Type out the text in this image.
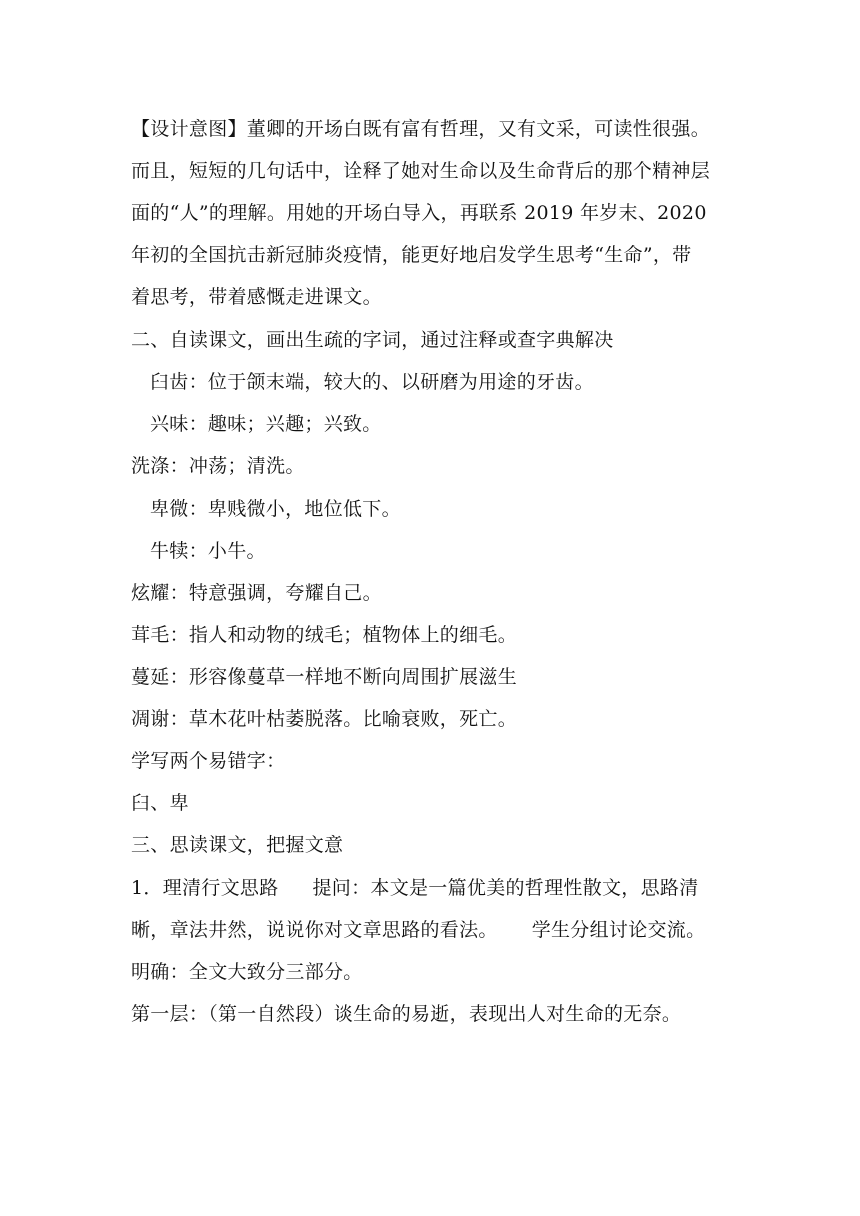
【设计意图】董卿的开场白既有富有哲理，又有文采，可读性很强。
而且，短短的几句话中，诠释了她对生命以及生命背后的那个精神层
面的“人”的理解。用她的开场白导入，再联系 2019 年岁末、2020
年初的全国抗击新冠肺炎疫情，能更好地启发学生思考“生命”，带
着思考，带着感慨走进课文。
二、自读课文，画出生疏的字词，通过注释或查字典解决
臼齿：位于颌末端，较大的、以研磨为用途的牙齿。
兴味：趣味；兴趣；兴致。
洗涤：冲荡；清洗。
卑微：卑贱微小，地位低下。
牛犊：小牛。
炫耀：特意强调，夸耀自己。
茸毛：指人和动物的绒毛；植物体上的细毛。
蔓延：形容像蔓草一样地不断向周围扩展滋生
凋谢：草木花叶枯萎脱落。比喻衰败，死亡。
学写两个易错字：
臼、卑
三、思读课文，把握文意
1．理清行文思路 提问：本文是一篇优美的哲理性散文，思路清
晰，章法井然，说说你对文章思路的看法。 学生分组讨论交流。
明确：全文大致分三部分。
第一层：（第一自然段）谈生命的易逝，表现出人对生命的无奈。
